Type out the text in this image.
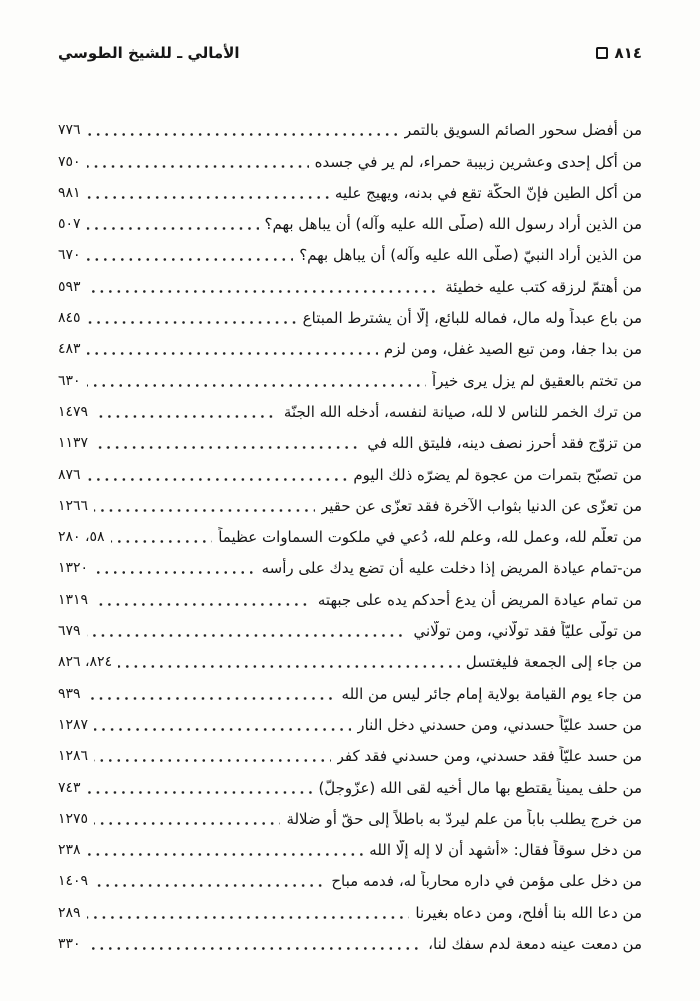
الأمالي ـ للشيخ الطوسي	٨١٤
من أفضل سحور الصائم السويق بالتمر
٧٧٦
من أكل إحدى وعشرين زبيبة حمراء، لم ير في جسده
٧٥٠
من أكل الطين فإنّ الحكّة تقع في بدنه، ويهيج عليه
٩٨١
من الذين أراد رسول الله (صلّى الله عليه وآله) أن يباهل بهم؟
٥٠٧
من الذين أراد النبيّ (صلّى الله عليه وآله) أن يباهل بهم؟
٦٧٠
من أهتمّ لرزقه كتب عليه خطيئة
٥٩٣
من باع عبداً وله مال، فماله للبائع، إلّا أن يشترط المبتاع
٨٤٥
من بدا جفا، ومن تبع الصيد غفل، ومن لزم
٤٨٣
من تختم بالعقيق لم يزل يرى خيراً
٦٣٠
من ترك الخمر للناس لا لله، صيانة لنفسه، أدخله الله الجنّة
١٤٧٩
من تزوّج فقد أحرز نصف دينه، فليتق الله في
١١٣٧
من تصبّح بتمرات من عجوة لم يضرّه ذلك اليوم
٨٧٦
من تعزّى عن الدنيا بثواب الآخرة فقد تعزّى عن حقير
١٢٦٦
من تعلّم لله، وعمل لله، وعلم لله، دُعي في ملكوت السماوات عظيماً
٥٨، ٢٨٠
من-تمام عيادة المريض إذا دخلت عليه أن تضع يدك على رأسه
١٣٢٠
من تمام عيادة المريض أن يدع أحدكم يده على جبهته
١٣١٩
من تولّى عليّاً فقد تولّاني، ومن تولّاني
٦٧٩
من جاء إلى الجمعة فليغتسل
٨٢٤، ٨٢٦
من جاء يوم القيامة بولاية إمام جائر ليس من الله
٩٣٩
من حسد عليّاً حسدني، ومن حسدني دخل النار
١٢٨٧
من حسد عليّاً فقد حسدني، ومن حسدني فقد كفر
١٢٨٦
من حلف يميناً يقتطع بها مال أخيه لقى الله (عزّوجلّ)
٧٤٣
من خرج يطلب باباً من علم ليردّ به باطلاً إلى حقّ أو ضلالة
١٢٧٥
من دخل سوقاً فقال: «أشهد أن لا إله إلّا الله
٢٣٨
من دخل على مؤمن في داره محارباً له، فدمه مباح
١٤٠٩
من دعا الله بنا أفلح، ومن دعاه بغيرنا
٢٨٩
من دمعت عينه دمعة لدم سفك لنا،
٣٣٠
